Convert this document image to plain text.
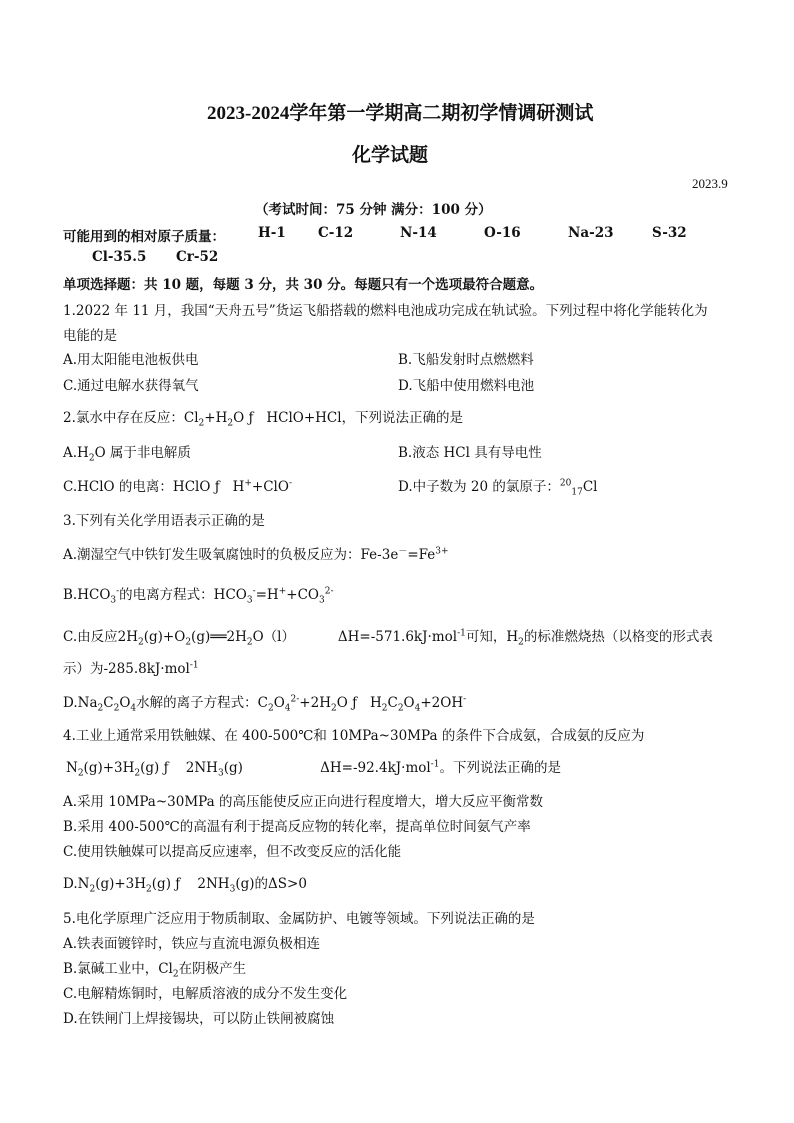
2023-2024学年第一学期高二期初学情调研测试
化学试题
2023.9
（考试时间：75 分钟 满分：100 分）
可能用到的相对原子质量： H-1 C-12	N-14	O-16	Na-23	S-32
Cl-35.5 Cr-52
单项选择题：共 10 题，每题 3 分，共 30 分。每题只有一个选项最符合题意。
1.2022 年 11 月，我国“天舟五号”货运飞船搭载的燃料电池成功完成在轨试验。下列过程中将化学能转化为
电能的是
A.用太阳能电池板供电	B.飞船发射时点燃燃料
C.通过电解水获得氧气	D.飞船中使用燃料电池
2.氯水中存在反应：$Cl_2+H_2O$ ƒ   HClO+HCl，下列说法正确的是
$A.H_2O$ 属于非电解质	B.液态 HCl 具有导电性
C.HClO 的电离：HClO ƒ   H++ClO-	D.中子数为 20 的氯原子：$^{20}_{17}$Cl
3.下列有关化学用语表示正确的是
A.潮湿空气中铁钉发生吸氧腐蚀时的负极反应为：$Fe-3e^-=Fe^{3+}$
$B.HCO_3^-$的电离方程式：$HCO_3^-=H^++CO_3^{2-}$
C.由反应$2H_2(g)+O_2(g)══2H_2O(l)$          ΔH=-571.6kJ·mol$^{-1}$可知，$H_2$的标准燃烧热（以格变的形式表
示）为-285.8kJ·mol$^{-1}$
$D.Na_2C_2O_4$水解的离子方程式：$C_2O_4^{2-}+2H_2O$ ƒ   $H_2C_2O_4+2OH^-$
4.工业上通常采用铁触媒、在 400-500℃和 10MPa~30MPa 的条件下合成氨，合成氨的反应为
$N_2(g)+3H_2(g)$ ƒ    $2NH_3(g)$                  ΔH=-92.4kJ·mol$^{-1}$。下列说法正确的是
A.采用 10MPa~30MPa 的高压能使反应正向进行程度增大，增大反应平衡常数
B.采用 400-500℃的高温有利于提高反应物的转化率，提高单位时间氨气产率
C.使用铁触媒可以提高反应速率，但不改变反应的活化能
$D.N_2(g)+3H_2(g)$ ƒ    $2NH_3(g)$的ΔS>0
5.电化学原理广泛应用于物质制取、金属防护、电镀等领域。下列说法正确的是
A.铁表面镀锌时，铁应与直流电源负极相连
B.氯碱工业中，$Cl_2$在阴极产生
C.电解精炼铜时，电解质溶液的成分不发生变化
D.在铁闸门上焊接锡块，可以防止铁闸被腐蚀
